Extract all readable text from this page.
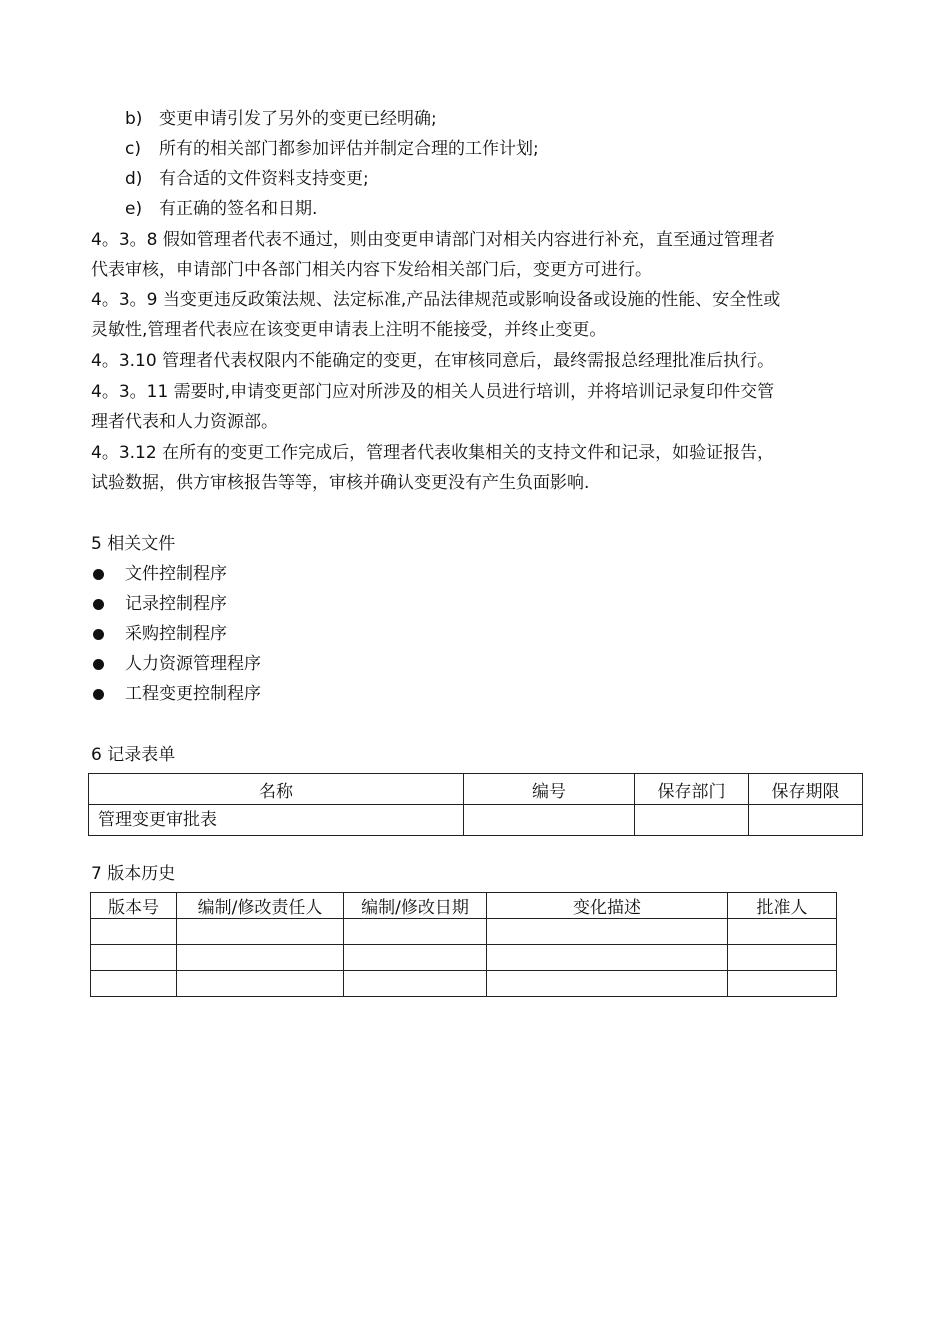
b) 变更申请引发了另外的变更已经明确;
c) 所有的相关部门都参加评估并制定合理的工作计划;
d) 有合适的文件资料支持变更;
e) 有正确的签名和日期.
4。3。8 假如管理者代表不通过，则由变更申请部门对相关内容进行补充，直至通过管理者
代表审核，申请部门中各部门相关内容下发给相关部门后，变更方可进行。
4。3。9 当变更违反政策法规、法定标准,产品法律规范或影响设备或设施的性能、安全性或
灵敏性,管理者代表应在该变更申请表上注明不能接受，并终止变更。
4。3.10 管理者代表权限内不能确定的变更，在审核同意后，最终需报总经理批准后执行。
4。3。11 需要时,申请变更部门应对所涉及的相关人员进行培训，并将培训记录复印件交管
理者代表和人力资源部。
4。3.12 在所有的变更工作完成后，管理者代表收集相关的支持文件和记录，如验证报告，
试验数据，供方审核报告等等，审核并确认变更没有产生负面影响.
5 相关文件
文件控制程序
记录控制程序
采购控制程序
人力资源管理程序
工程变更控制程序
6 记录表单
名称	编号	保存部门	保存期限
管理变更审批表			
7 版本历史
版本号	编制/修改责任人	编制/修改日期	变化描述	批准人
